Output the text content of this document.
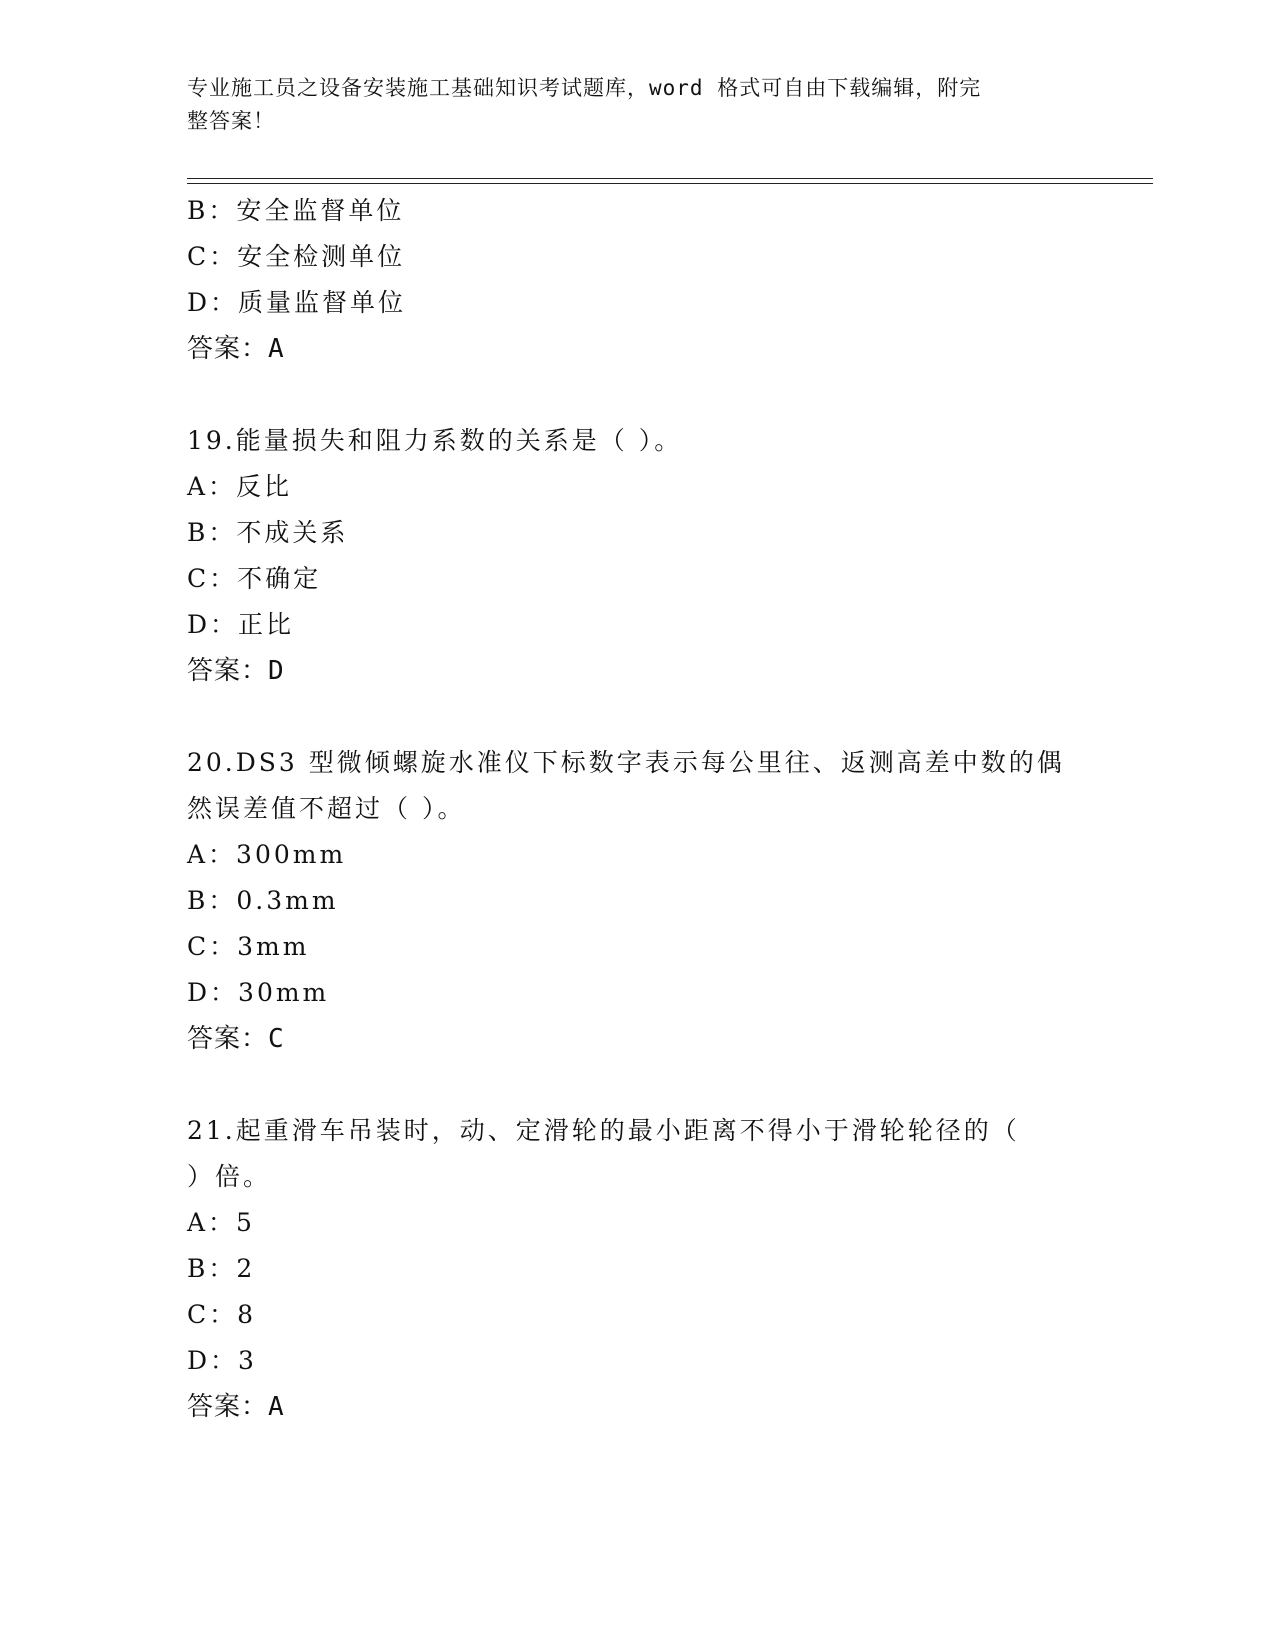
专业施工员之设备安装施工基础知识考试题库，word 格式可自由下载编辑，附完
整答案！
B：安全监督单位
C：安全检测单位
D：质量监督单位
答案：A
19.能量损失和阻力系数的关系是（ ）。
A：反比
B：不成关系
C：不确定
D：正比
答案：D
20.DS3 型微倾螺旋水准仪下标数字表示每公里往、返测高差中数的偶
然误差值不超过（ ）。
A：300mm
B：0.3mm
C：3mm
D：30mm
答案：C
21.起重滑车吊装时，动、定滑轮的最小距离不得小于滑轮轮径的（
）倍。
A：5
B：2
C：8
D：3
答案：A
